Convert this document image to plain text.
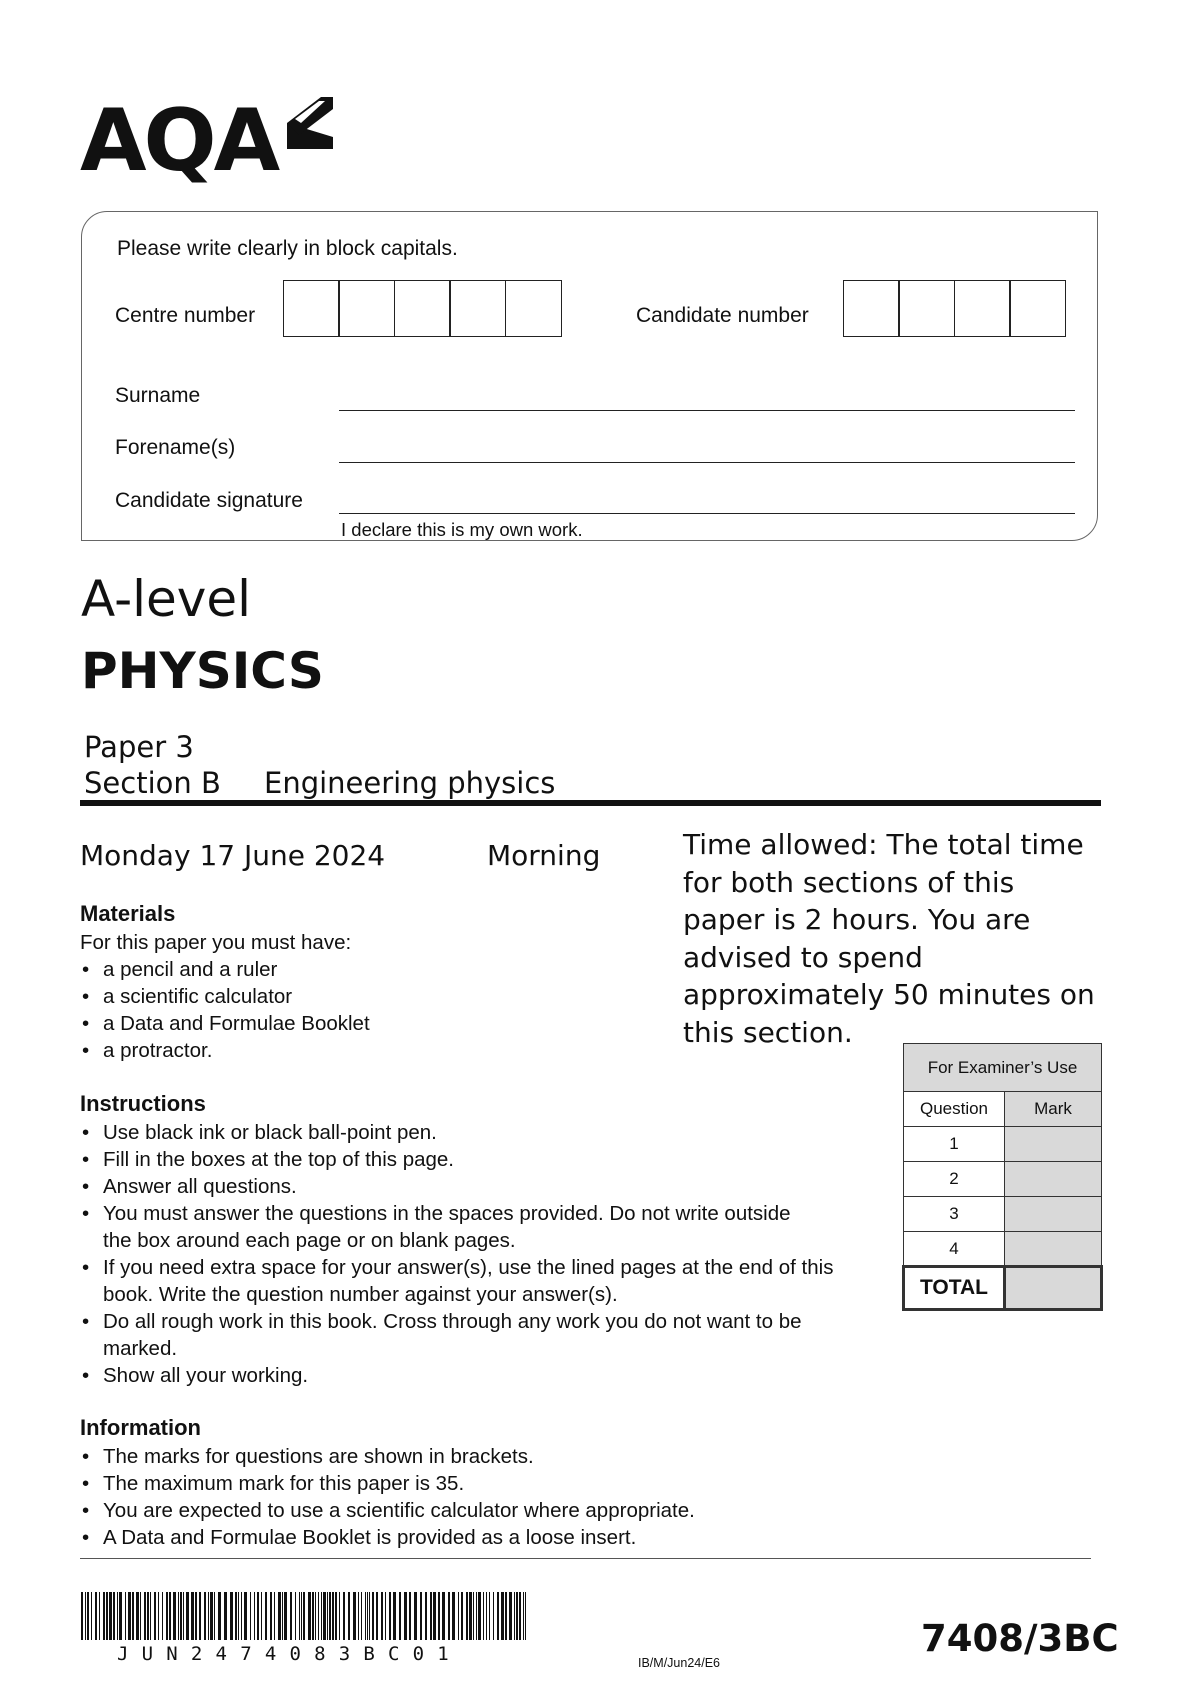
AQA
Please write clearly in block capitals.
Centre number	Candidate number
Surname
Forename(s)
Candidate signature
I declare this is my own work.
A-level
PHYSICS
Paper 3
Section B Engineering physics
Monday 17 June 2024	Morning	Time allowed: The total time for both sections of this paper is 2 hours. You are advised to spend approximately 50 minutes on this section.
Materials
For this paper you must have:
• a pencil and a ruler
• a scientific calculator
• a Data and Formulae Booklet
• a protractor.
Instructions
• Use black ink or black ball-point pen.
• Fill in the boxes at the top of this page.
• Answer all questions.
• You must answer the questions in the spaces provided. Do not write outside the box around each page or on blank pages.
• If you need extra space for your answer(s), use the lined pages at the end of this book. Write the question number against your answer(s).
• Do all rough work in this book. Cross through any work you do not want to be marked.
• Show all your working.
Information
• The marks for questions are shown in brackets.
• The maximum mark for this paper is 35.
• You are expected to use a scientific calculator where appropriate.
• A Data and Formulae Booklet is provided as a loose insert.
For Examiner’s Use	
Question	Mark
1	
2	
3	
4	
TOTAL	
JUN2474083BC01	IB/M/Jun24/E6
7408/3BC
